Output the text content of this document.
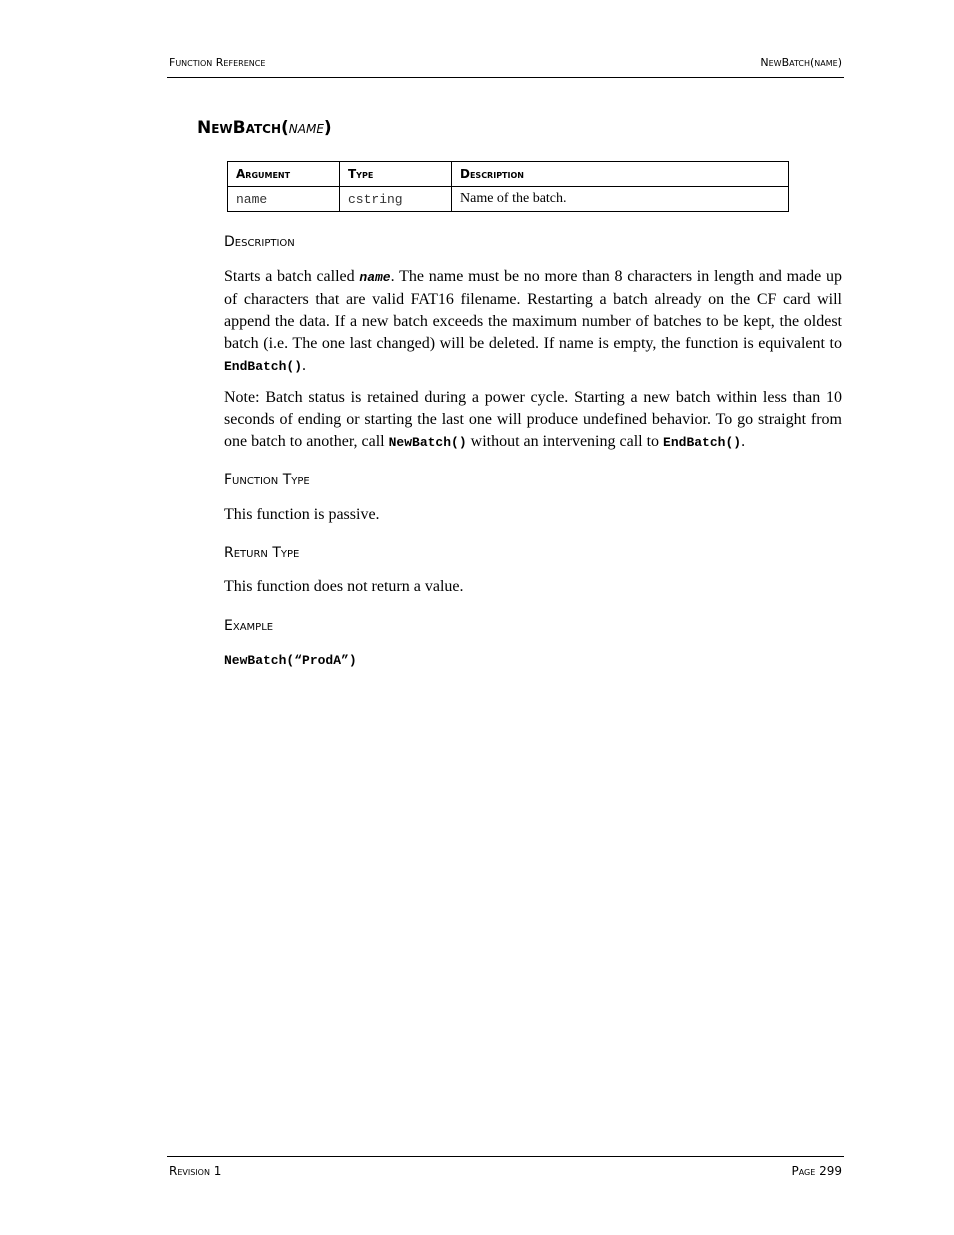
Function Reference	NewBatch(name)
NewBatch(name)
Argument	Type	Description
name	cstring	Name of the batch.
Description

Starts a batch called name. The name must be no more than 8 characters in length and made up of characters that are valid FAT16 filename. Restarting a batch already on the CF card will append the data. If a new batch exceeds the maximum number of batches to be kept, the oldest batch (i.e. The one last changed) will be deleted. If name is empty, the function is equivalent to EndBatch().

Note: Batch status is retained during a power cycle. Starting a new batch within less than 10 seconds of ending or starting the last one will produce undefined behavior. To go straight from one batch to another, call NewBatch() without an intervening call to EndBatch().

Function Type

This function is passive.

Return Type

This function does not return a value.

Example
NewBatch(“ProdA”)
Revision 1	Page 299
